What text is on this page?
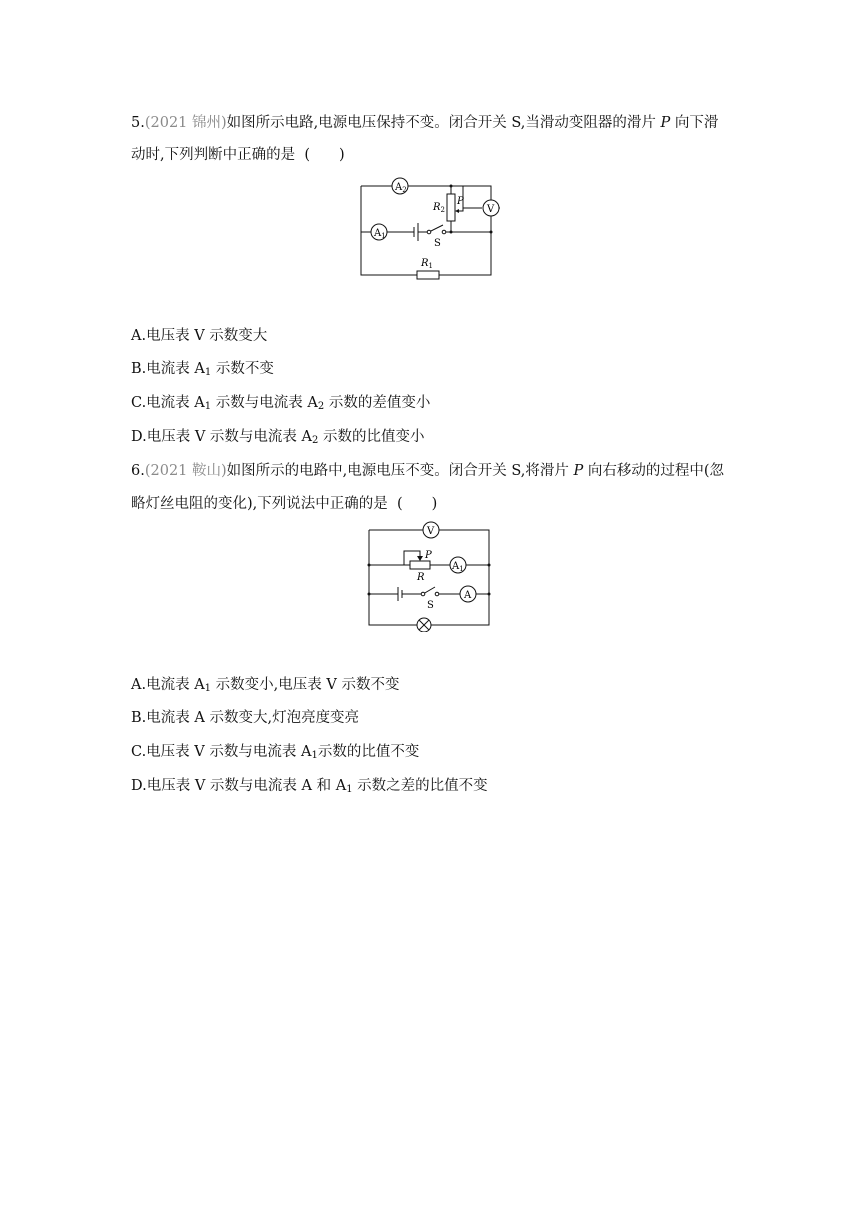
5.(2021 锦州)如图所示电路,电源电压保持不变。闭合开关 S,当滑动变阻器的滑片 P 向下滑
动时,下列判断中正确的是 (　　)
$A_2$
$A_1$
V
$R_2$
P
S
$R_1$
A.电压表 V 示数变大
B.电流表 $A_1$ 示数不变
C.电流表 $A_1$ 示数与电流表 $A_2$ 示数的差值变小
D.电压表 V 示数与电流表 $A_2$ 示数的比值变小
6.(2021 鞍山)如图所示的电路中,电源电压不变。闭合开关 S,将滑片 P 向右移动的过程中(忽
略灯丝电阻的变化),下列说法中正确的是 (　　)
V
P
R
$A_1$
S
A
A.电流表 $A_1$ 示数变小,电压表 V 示数不变
B.电流表 A 示数变大,灯泡亮度变亮
C.电压表 V 示数与电流表 $A_1$示数的比值不变
D.电压表 V 示数与电流表 A 和 $A_1$ 示数之差的比值不变
